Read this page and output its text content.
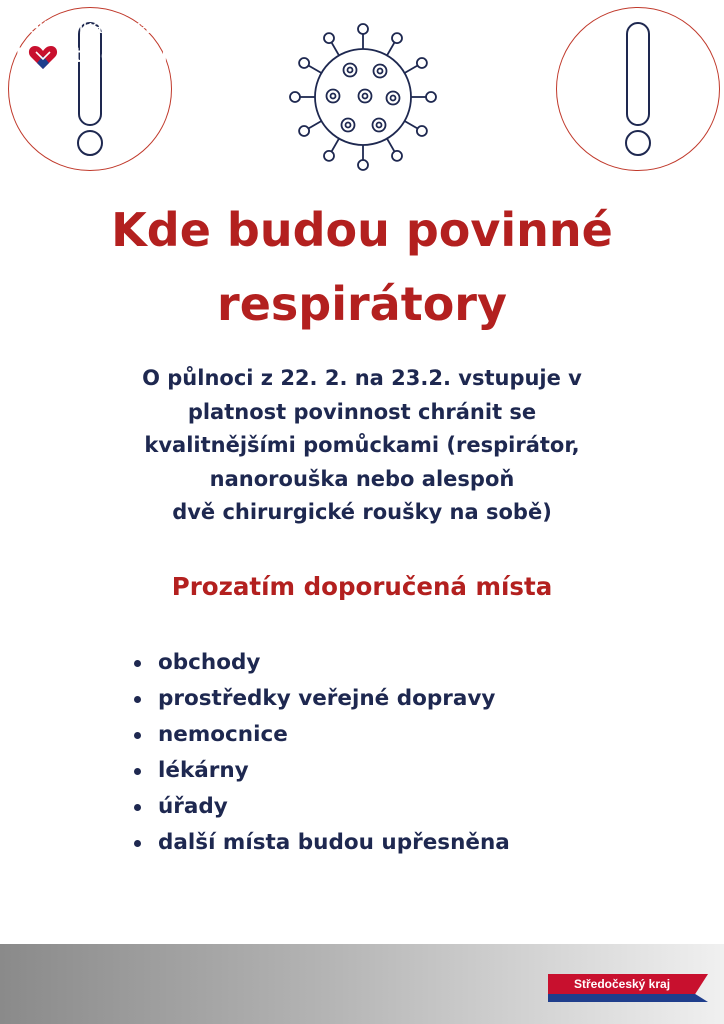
Kde budou povinné
respirátory
O půlnoci z 22. 2. na 23.2. vstupuje v
platnost povinnost chránit se
kvalitnějšími pomůckami (respirátor,
nanorouška nebo alespoň
dvě chirurgické roušky na sobě)
Prozatím doporučená místa
obchody
prostředky veřejné dopravy
nemocnice
lékárny
úřady
další místa budou upřesněna
Hejtmanka Petra Pecková
I Středočeský kraj
Středočeský kraj
